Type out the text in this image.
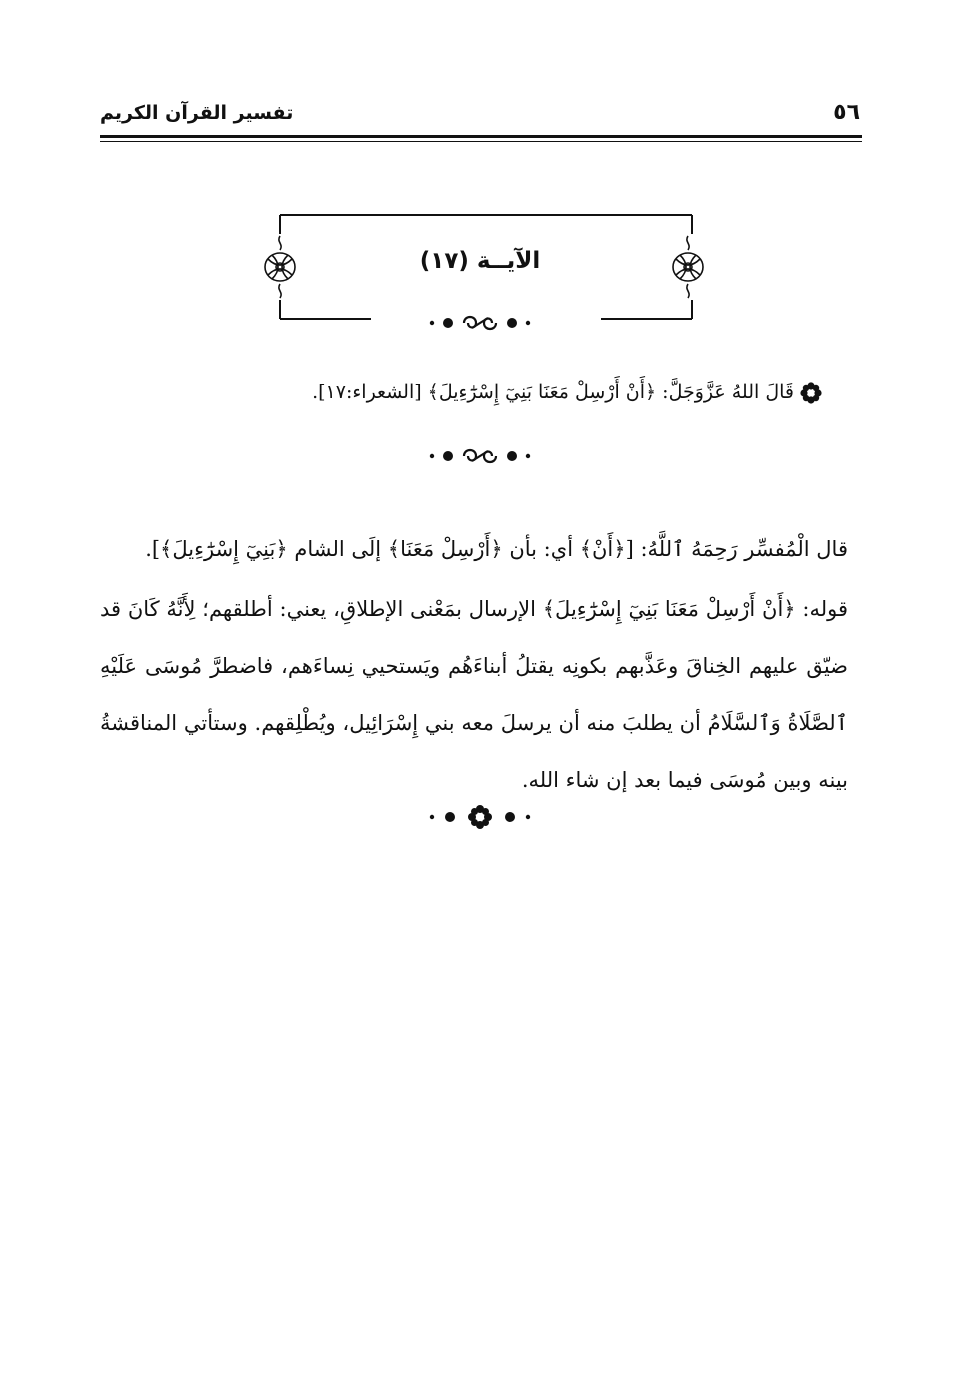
٥٦
تفسير القرآن الكريم
الآيــة (١٧)
قَالَ اللهُ عَزَّوَجَلَّ: ﴿أَنْ أَرْسِلْ مَعَنَا بَنِيٓ إِسْرَٰٓءِيلَ﴾ [الشعراء:١٧].

قال الْمُفسِّر رَحِمَهُ ٱللَّهُ: [﴿أَنْ﴾ أي: بأن ﴿أَرْسِلْ مَعَنَا﴾ إلَى الشام ﴿بَنِيٓ إِسْرَٰٓءِيلَ﴾].

قوله: ﴿أَنْ أَرْسِلْ مَعَنَا بَنِيٓ إِسْرَٰٓءِيلَ﴾ الإرسال بمَعْنى الإطلاقِ، يعني: أطلقهم؛ لِأَنَّهُ كَانَ قد ضيّق عليهم الخِناقَ وعَذَّبهم بكونِه يقتلُ أبناءَهُم ويَستحيي نِساءَهم، فاضطرَّ مُوسَى عَلَيْهِ ٱلصَّلَاةُ وَٱلسَّلَامُ أن يطلبَ منه أن يرسلَ معه بني إِسْرَائِيل، ويُطْلِقهم. وستأتي المناقشةُ بينه وبين مُوسَى فيما بعد إن شاء الله.
